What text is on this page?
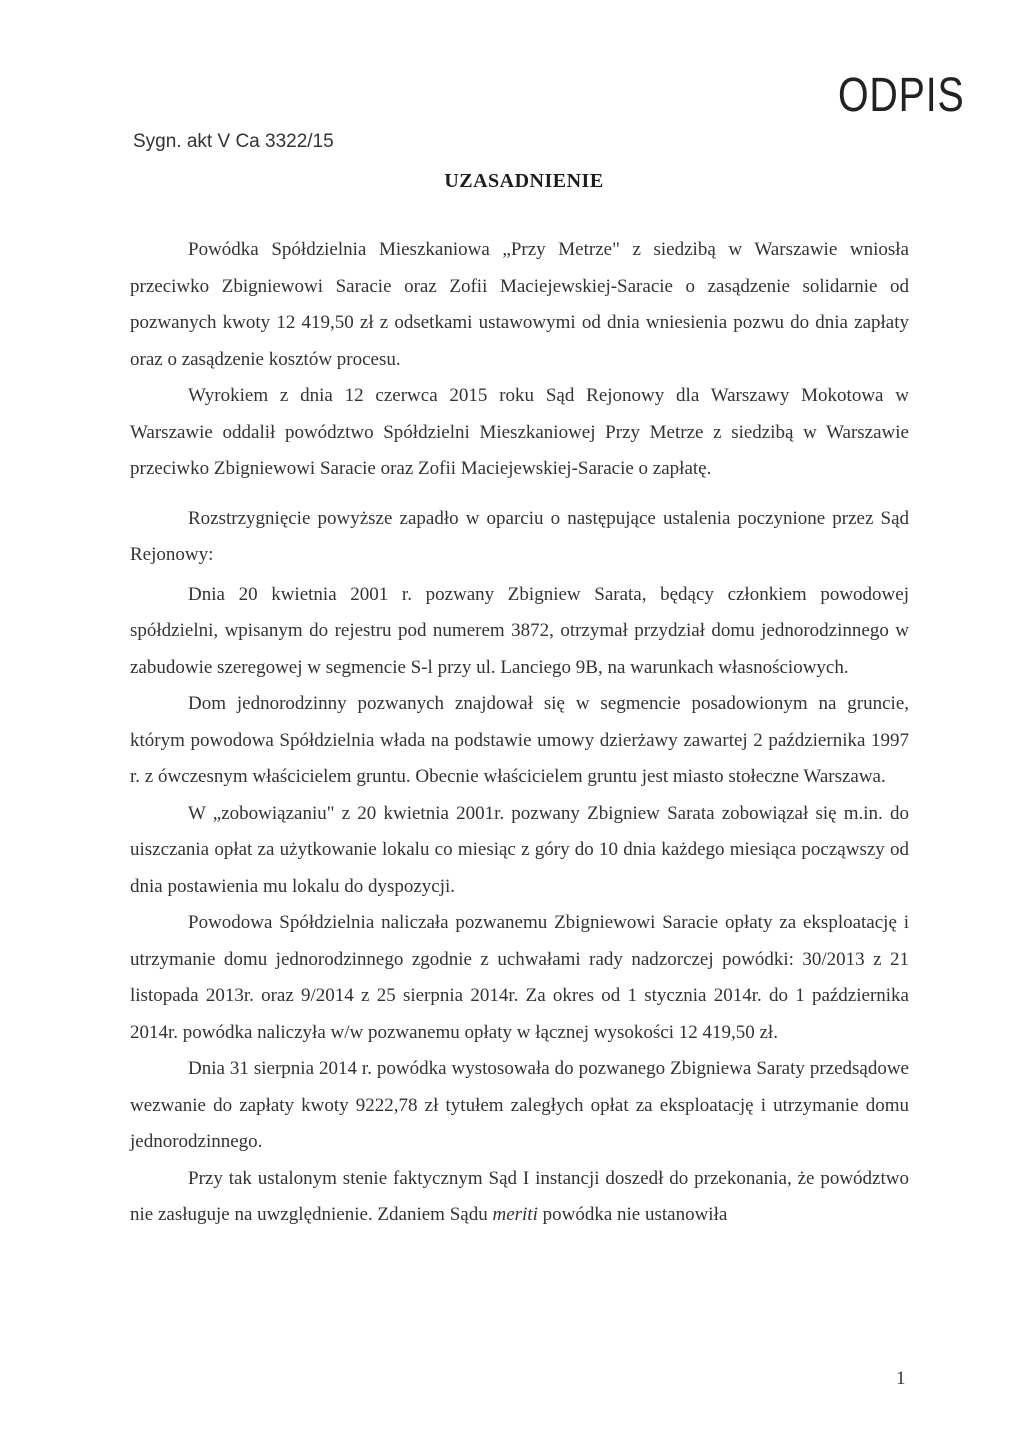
ODPIS
Sygn. akt V Ca 3322/15
UZASADNIENIE

Powódka Spółdzielnia Mieszkaniowa „Przy Metrze" z siedzibą w Warszawie wniosła przeciwko Zbigniewowi Saracie oraz Zofii Maciejewskiej-Saracie o zasądzenie solidarnie od pozwanych kwoty 12 419,50 zł z odsetkami ustawowymi od dnia wniesienia pozwu do dnia zapłaty oraz o zasądzenie kosztów procesu.

Wyrokiem z dnia 12 czerwca 2015 roku Sąd Rejonowy dla Warszawy Mokotowa w Warszawie oddalił powództwo Spółdzielni Mieszkaniowej Przy Metrze z siedzibą w Warszawie przeciwko Zbigniewowi Saracie oraz Zofii Maciejewskiej-Saracie o zapłatę.

Rozstrzygnięcie powyższe zapadło w oparciu o następujące ustalenia poczynione przez Sąd Rejonowy:

Dnia 20 kwietnia 2001 r. pozwany Zbigniew Sarata, będący członkiem powodowej spółdzielni, wpisanym do rejestru pod numerem 3872, otrzymał przydział domu jednorodzinnego w zabudowie szeregowej w segmencie S-l przy ul. Lanciego 9B, na warunkach własnościowych.

Dom jednorodzinny pozwanych znajdował się w segmencie posadowionym na gruncie, którym powodowa Spółdzielnia włada na podstawie umowy dzierżawy zawartej 2 października 1997 r. z ówczesnym właścicielem gruntu. Obecnie właścicielem gruntu jest miasto stołeczne Warszawa.

W „zobowiązaniu" z 20 kwietnia 2001r. pozwany Zbigniew Sarata zobowiązał się m.in. do uiszczania opłat za użytkowanie lokalu co miesiąc z góry do 10 dnia każdego miesiąca począwszy od dnia postawienia mu lokalu do dyspozycji.

Powodowa Spółdzielnia naliczała pozwanemu Zbigniewowi Saracie opłaty za eksploatację i utrzymanie domu jednorodzinnego zgodnie z uchwałami rady nadzorczej powódki: 30/2013 z 21 listopada 2013r. oraz 9/2014 z 25 sierpnia 2014r. Za okres od 1 stycznia 2014r. do 1 października 2014r. powódka naliczyła w/w pozwanemu opłaty w łącznej wysokości 12 419,50 zł.

Dnia 31 sierpnia 2014 r. powódka wystosowała do pozwanego Zbigniewa Saraty przedsądowe wezwanie do zapłaty kwoty 9222,78 zł tytułem zaległych opłat za eksploatację i utrzymanie domu jednorodzinnego.

Przy tak ustalonym stenie faktycznym Sąd I instancji doszedł do przekonania, że powództwo nie zasługuje na uwzględnienie. Zdaniem Sądu meriti powódka nie ustanowiła

1
